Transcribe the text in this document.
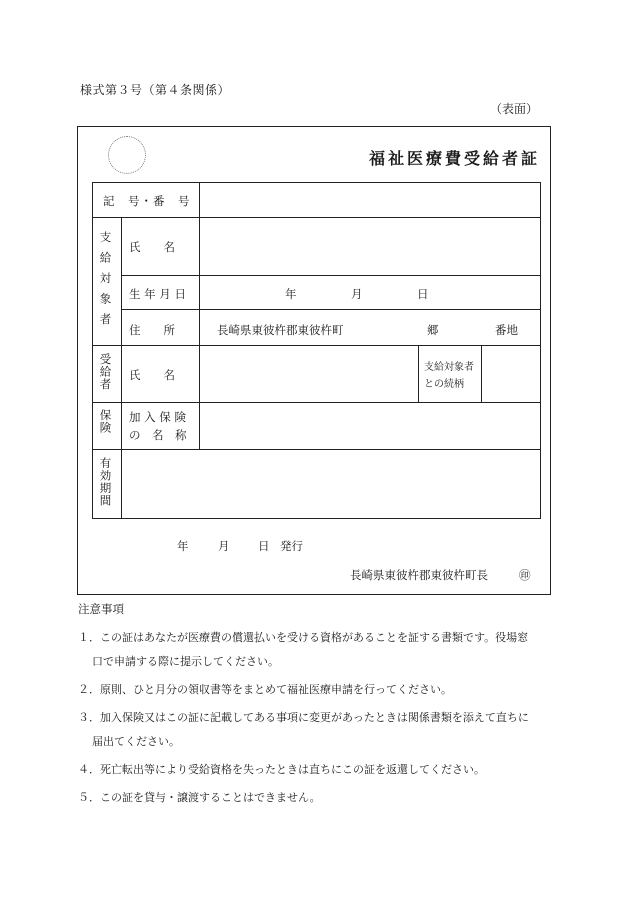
様式第３号（第４条関係）
（表面）
福祉医療費受給者証
記　号・番　号
支給対象者 氏　　名
生 年 月 日	年	月	日
住　　所	長崎県東彼杵郡東彼杵町	郷	番地
受給者 氏　　名
支給対象者
との続柄
保険 加 入 保 険
の　名　称
有効期間
年	月 日 発行
長崎県東彼杵郡東彼杵町長	㊞
注意事項
１．この証はあなたが医療費の償還払いを受ける資格があることを証する書類です。役場窓
口で申請する際に提示してください。
２．原則、ひと月分の領収書等をまとめて福祉医療申請を行ってください。
３．加入保険又はこの証に記載してある事項に変更があったときは関係書類を添えて直ちに
届出てください。
４．死亡転出等により受給資格を失ったときは直ちにこの証を返還してください。
５．この証を貸与・譲渡することはできません。
